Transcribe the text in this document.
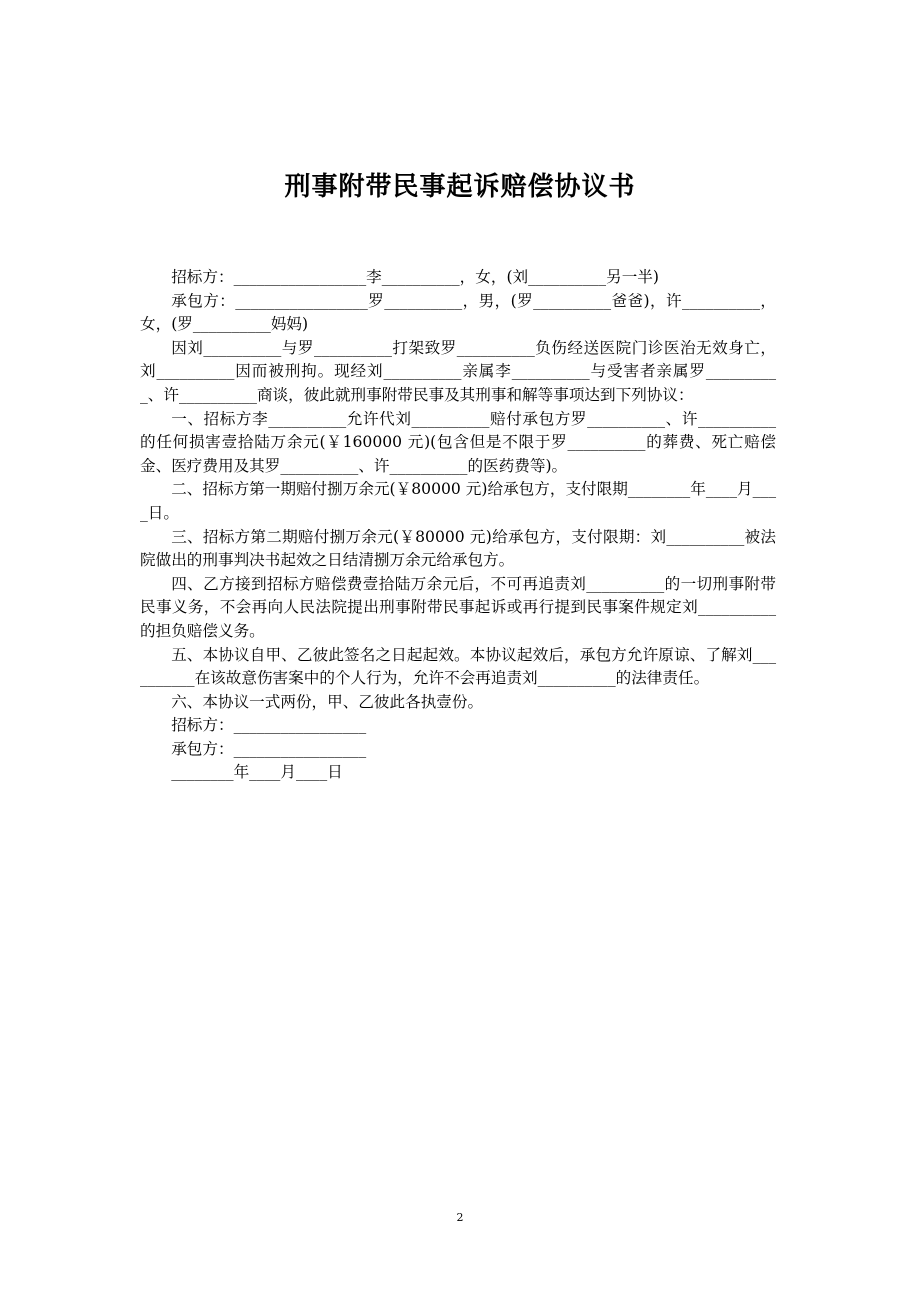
刑事附带民事起诉赔偿协议书

招标方：_________________李__________，女，(刘__________另一半)

承包方：_________________罗__________，男，(罗__________爸爸)，许__________，女，(罗__________妈妈)

因刘__________与罗__________打架致罗__________负伤经送医院门诊医治无效身亡，刘__________因而被刑拘。现经刘__________亲属李__________与受害者亲属罗__________、许__________商谈，彼此就刑事附带民事及其刑事和解等事项达到下列协议：

一、招标方李__________允许代刘__________赔付承包方罗__________、许__________的任何损害壹拾陆万余元(￥160000 元)(包含但是不限于罗__________的葬费、死亡赔偿金、医疗费用及其罗__________、许__________的医药费等)。

二、招标方第一期赔付捌万余元(￥80000 元)给承包方，支付限期________年____月____日。

三、招标方第二期赔付捌万余元(￥80000 元)给承包方，支付限期：刘__________被法院做出的刑事判决书起效之日结清捌万余元给承包方。

四、乙方接到招标方赔偿费壹拾陆万余元后，不可再追责刘__________的一切刑事附带民事义务，不会再向人民法院提出刑事附带民事起诉或再行提到民事案件规定刘__________的担负赔偿义务。

五、本协议自甲、乙彼此签名之日起起效。本协议起效后，承包方允许原谅、了解刘__________在该故意伤害案中的个人行为，允许不会再追责刘__________的法律责任。

六、本协议一式两份，甲、乙彼此各执壹份。

招标方：_________________
承包方：_________________
________年____月____日
2
